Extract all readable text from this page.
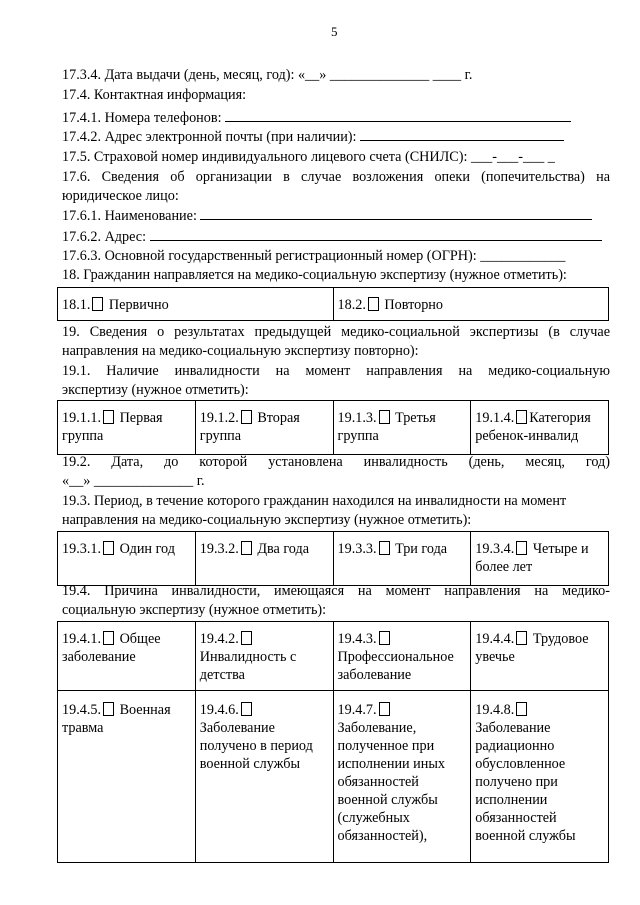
5
17.3.4. Дата выдачи (день, месяц, год): «__» ______________ ____ г.
17.4. Контактная информация:
17.4.1. Номера телефонов:
17.4.2. Адрес электронной почты (при наличии):
17.5. Страховой номер индивидуального лицевого счета (СНИЛС): ___-___-___ _
17.6. Сведения об организации в случае возложения опеки (попечительства) на
юридическое лицо:
17.6.1. Наименование:
17.6.2. Адрес:
17.6.3. Основной государственный регистрационный номер (ОГРН): ____________
18. Гражданин направляется на медико-социальную экспертизу (нужное отметить):
18.1. Первично	18.2. Повторно
19. Сведения о результатах предыдущей медико-социальной экспертизы (в случае
направления на медико-социальную экспертизу повторно):
19.1. Наличие инвалидности на момент направления на медико-социальную
экспертизу (нужное отметить):
19.1.1. Первая группа	19.1.2. Вторая группа	19.1.3. Третья группа	19.1.4. Категория ребенок-инвалид
19.2. Дата, до которой установлена инвалидность (день, месяц, год)
«__» ______________ г.
19.3. Период, в течение которого гражданин находился на инвалидности на момент
направления на медико-социальную экспертизу (нужное отметить):
19.3.1. Один год	19.3.2. Два года	19.3.3. Три года	19.3.4. Четыре и более лет
19.4. Причина инвалидности, имеющаяся на момент направления на медико-
социальную экспертизу (нужное отметить):
19.4.1. Общее заболевание	19.4.2. Инвалидность с детства	19.4.3. Профессиональное заболевание	19.4.4. Трудовое увечье
19.4.5. Военная травма	19.4.6. Заболевание получено в период военной службы	19.4.7. Заболевание, полученное при исполнении иных обязанностей военной службы (служебных обязанностей),	19.4.8. Заболевание радиационно обусловленное получено при исполнении обязанностей военной службы
